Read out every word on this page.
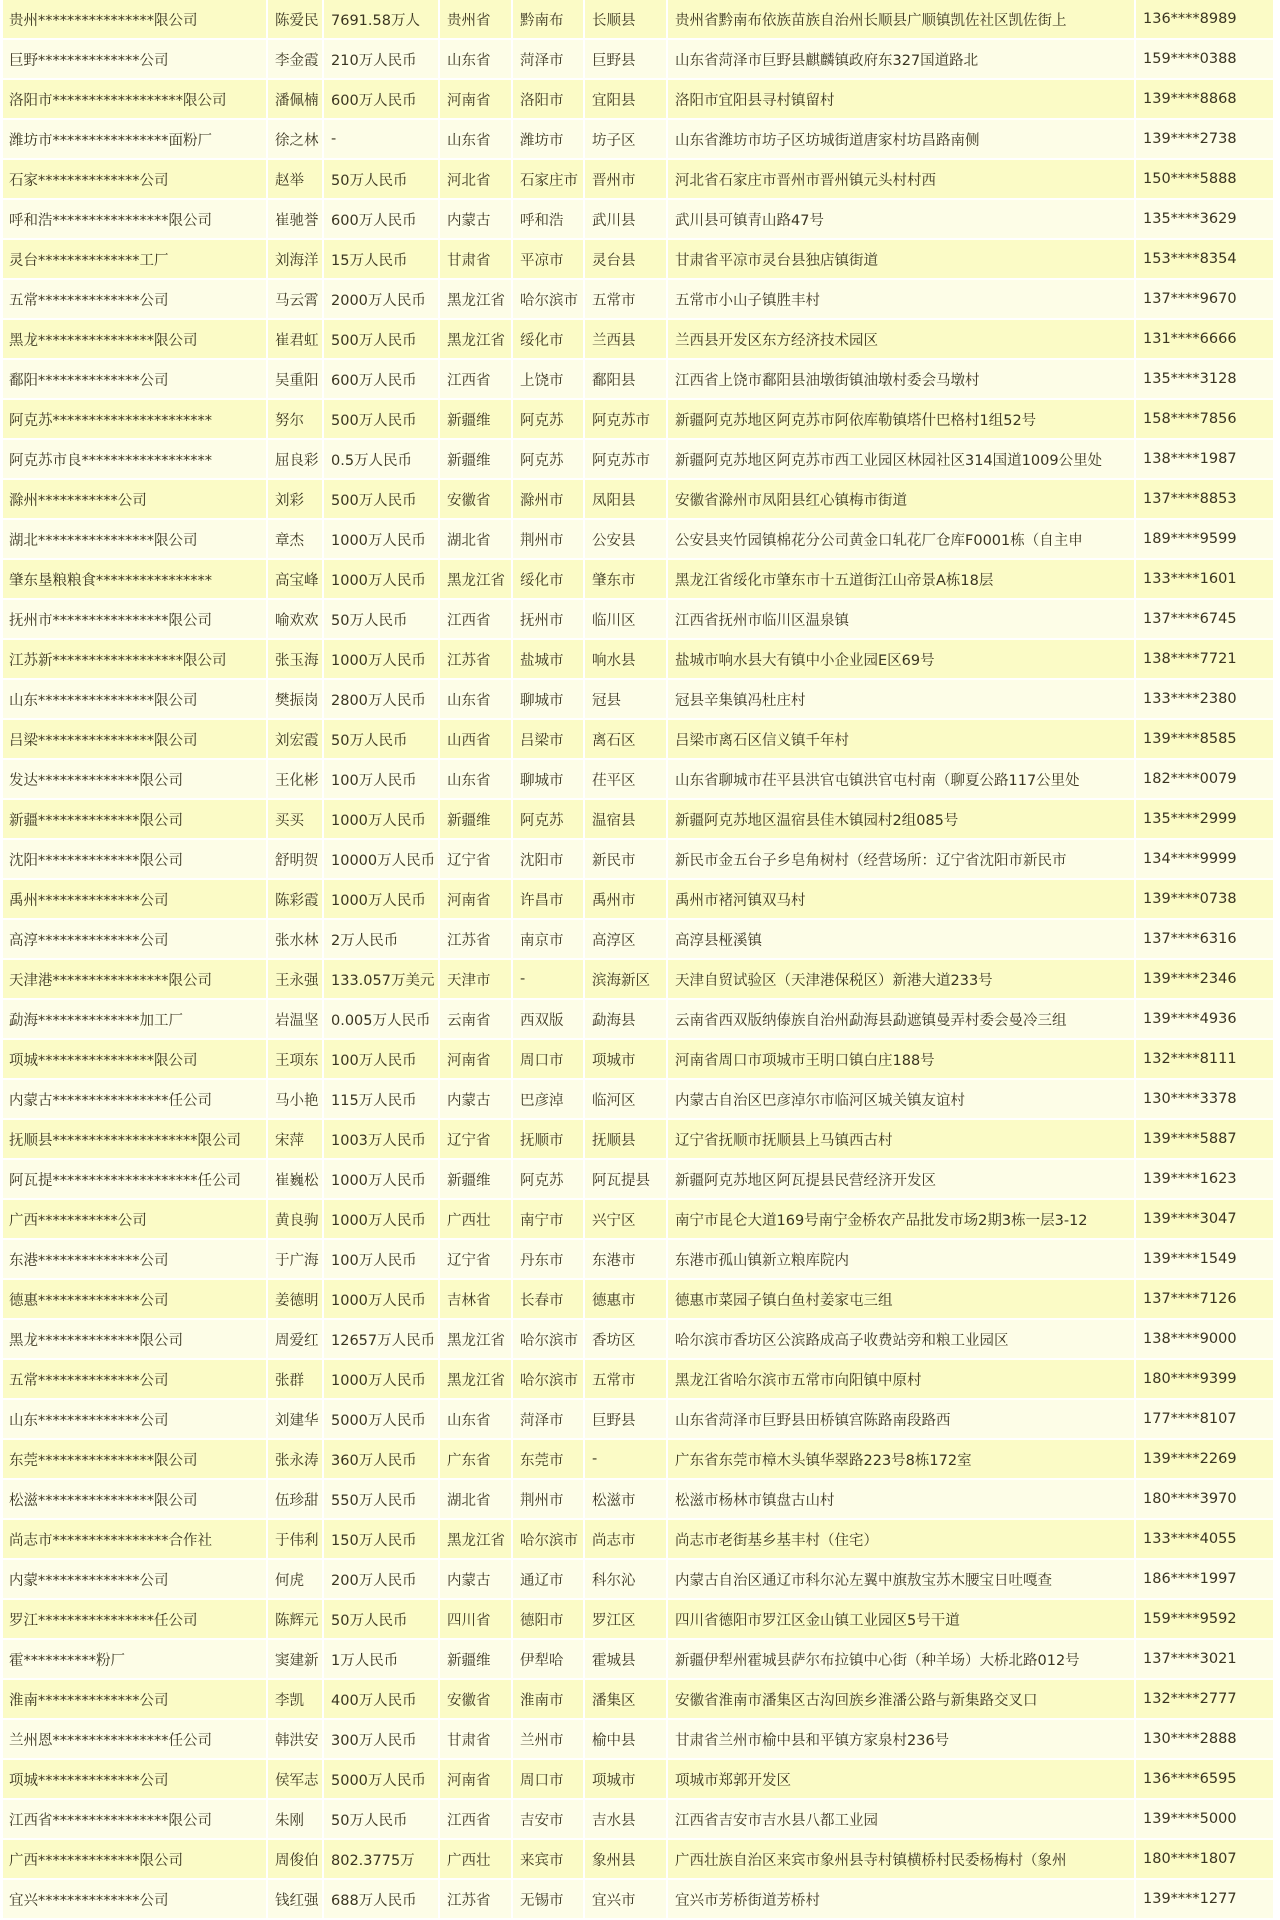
贵州****************限公司	陈爱民	7691.58万人	贵州省	黔南布	长顺县	贵州省黔南布依族苗族自治州长顺县广顺镇凯佐社区凯佐街上	136****8989
巨野**************公司	李金霞	210万人民币	山东省	菏泽市	巨野县	山东省菏泽市巨野县麒麟镇政府东327国道路北	159****0388
洛阳市******************限公司	潘佩楠	600万人民币	河南省	洛阳市	宜阳县	洛阳市宜阳县寻村镇留村	139****8868
潍坊市****************面粉厂	徐之林	-	山东省	潍坊市	坊子区	山东省潍坊市坊子区坊城街道唐家村坊昌路南侧	139****2738
石家**************公司	赵举	50万人民币	河北省	石家庄市	晋州市	河北省石家庄市晋州市晋州镇元头村村西	150****5888
呼和浩****************限公司	崔驰誉	600万人民币	内蒙古	呼和浩	武川县	武川县可镇青山路47号	135****3629
灵台**************工厂	刘海洋	15万人民币	甘肃省	平凉市	灵台县	甘肃省平凉市灵台县独店镇街道	153****8354
五常**************公司	马云霄	2000万人民币	黑龙江省	哈尔滨市	五常市	五常市小山子镇胜丰村	137****9670
黑龙****************限公司	崔君虹	500万人民币	黑龙江省	绥化市	兰西县	兰西县开发区东方经济技术园区	131****6666
鄱阳**************公司	吴重阳	600万人民币	江西省	上饶市	鄱阳县	江西省上饶市鄱阳县油墩街镇油墩村委会马墩村	135****3128
阿克苏**********************	努尔	500万人民币	新疆维	阿克苏	阿克苏市	新疆阿克苏地区阿克苏市阿依库勒镇塔什巴格村1组52号	158****7856
阿克苏市良******************	屈良彩	0.5万人民币	新疆维	阿克苏	阿克苏市	新疆阿克苏地区阿克苏市西工业园区林园社区314国道1009公里处	138****1987
滁州***********公司	刘彩	500万人民币	安徽省	滁州市	凤阳县	安徽省滁州市凤阳县红心镇梅市街道	137****8853
湖北****************限公司	章杰	1000万人民币	湖北省	荆州市	公安县	公安县夹竹园镇棉花分公司黄金口轧花厂仓库F0001栋（自主申	189****9599
肇东垦粮粮食****************	高宝峰	1000万人民币	黑龙江省	绥化市	肇东市	黑龙江省绥化市肇东市十五道街江山帝景A栋18层	133****1601
抚州市****************限公司	喻欢欢	50万人民币	江西省	抚州市	临川区	江西省抚州市临川区温泉镇	137****6745
江苏新******************限公司	张玉海	1000万人民币	江苏省	盐城市	响水县	盐城市响水县大有镇中小企业园E区69号	138****7721
山东****************限公司	樊振岗	2800万人民币	山东省	聊城市	冠县	冠县辛集镇冯杜庄村	133****2380
吕梁****************限公司	刘宏霞	50万人民币	山西省	吕梁市	离石区	吕梁市离石区信义镇千年村	139****8585
发达**************限公司	王化彬	100万人民币	山东省	聊城市	茌平区	山东省聊城市茌平县洪官屯镇洪官屯村南（聊夏公路117公里处	182****0079
新疆**************限公司	买买	1000万人民币	新疆维	阿克苏	温宿县	新疆阿克苏地区温宿县佳木镇园村2组085号	135****2999
沈阳**************限公司	舒明贺	10000万人民币	辽宁省	沈阳市	新民市	新民市金五台子乡皂角树村（经营场所：辽宁省沈阳市新民市	134****9999
禹州**************公司	陈彩霞	1000万人民币	河南省	许昌市	禹州市	禹州市褚河镇双马村	139****0738
高淳**************公司	张水林	2万人民币	江苏省	南京市	高淳区	高淳县桠溪镇	137****6316
天津港****************限公司	王永强	133.057万美元	天津市	-	滨海新区	天津自贸试验区（天津港保税区）新港大道233号	139****2346
勐海**************加工厂	岩温坚	0.005万人民币	云南省	西双版	勐海县	云南省西双版纳傣族自治州勐海县勐遮镇曼弄村委会曼冷三组	139****4936
项城****************限公司	王项东	100万人民币	河南省	周口市	项城市	河南省周口市项城市王明口镇白庄188号	132****8111
内蒙古****************任公司	马小艳	115万人民币	内蒙古	巴彦淖	临河区	内蒙古自治区巴彦淖尔市临河区城关镇友谊村	130****3378
抚顺县********************限公司	宋萍	1003万人民币	辽宁省	抚顺市	抚顺县	辽宁省抚顺市抚顺县上马镇西古村	139****5887
阿瓦提********************任公司	崔巍松	1000万人民币	新疆维	阿克苏	阿瓦提县	新疆阿克苏地区阿瓦提县民营经济开发区	139****1623
广西***********公司	黄良驹	1000万人民币	广西壮	南宁市	兴宁区	南宁市昆仑大道169号南宁金桥农产品批发市场2期3栋一层3-12	139****3047
东港**************公司	于广海	100万人民币	辽宁省	丹东市	东港市	东港市孤山镇新立粮库院内	139****1549
德惠**************公司	姜德明	1000万人民币	吉林省	长春市	德惠市	德惠市菜园子镇白鱼村姜家屯三组	137****7126
黑龙**************限公司	周爱红	12657万人民币	黑龙江省	哈尔滨市	香坊区	哈尔滨市香坊区公滨路成高子收费站旁和粮工业园区	138****9000
五常**************公司	张群	1000万人民币	黑龙江省	哈尔滨市	五常市	黑龙江省哈尔滨市五常市向阳镇中原村	180****9399
山东**************公司	刘建华	5000万人民币	山东省	菏泽市	巨野县	山东省菏泽市巨野县田桥镇宫陈路南段路西	177****8107
东莞****************限公司	张永涛	360万人民币	广东省	东莞市	-	广东省东莞市樟木头镇华翠路223号8栋172室	139****2269
松滋****************限公司	伍珍甜	550万人民币	湖北省	荆州市	松滋市	松滋市杨林市镇盘古山村	180****3970
尚志市****************合作社	于伟利	150万人民币	黑龙江省	哈尔滨市	尚志市	尚志市老街基乡基丰村（住宅）	133****4055
内蒙**************公司	何虎	200万人民币	内蒙古	通辽市	科尔沁	内蒙古自治区通辽市科尔沁左翼中旗敖宝苏木腰宝日吐嘎查	186****1997
罗江****************任公司	陈辉元	50万人民币	四川省	德阳市	罗江区	四川省德阳市罗江区金山镇工业园区5号干道	159****9592
霍**********粉厂	窦建新	1万人民币	新疆维	伊犁哈	霍城县	新疆伊犁州霍城县萨尔布拉镇中心街（种羊场）大桥北路012号	137****3021
淮南**************公司	李凯	400万人民币	安徽省	淮南市	潘集区	安徽省淮南市潘集区古沟回族乡淮潘公路与新集路交叉口	132****2777
兰州恩****************任公司	韩洪安	300万人民币	甘肃省	兰州市	榆中县	甘肃省兰州市榆中县和平镇方家泉村236号	130****2888
项城**************公司	侯军志	5000万人民币	河南省	周口市	项城市	项城市郑郭开发区	136****6595
江西省****************限公司	朱刚	50万人民币	江西省	吉安市	吉水县	江西省吉安市吉水县八都工业园	139****5000
广西**************限公司	周俊伯	802.3775万	广西壮	来宾市	象州县	广西壮族自治区来宾市象州县寺村镇横桥村民委杨梅村（象州	180****1807
宜兴**************公司	钱红强	688万人民币	江苏省	无锡市	宜兴市	宜兴市芳桥街道芳桥村	139****1277
